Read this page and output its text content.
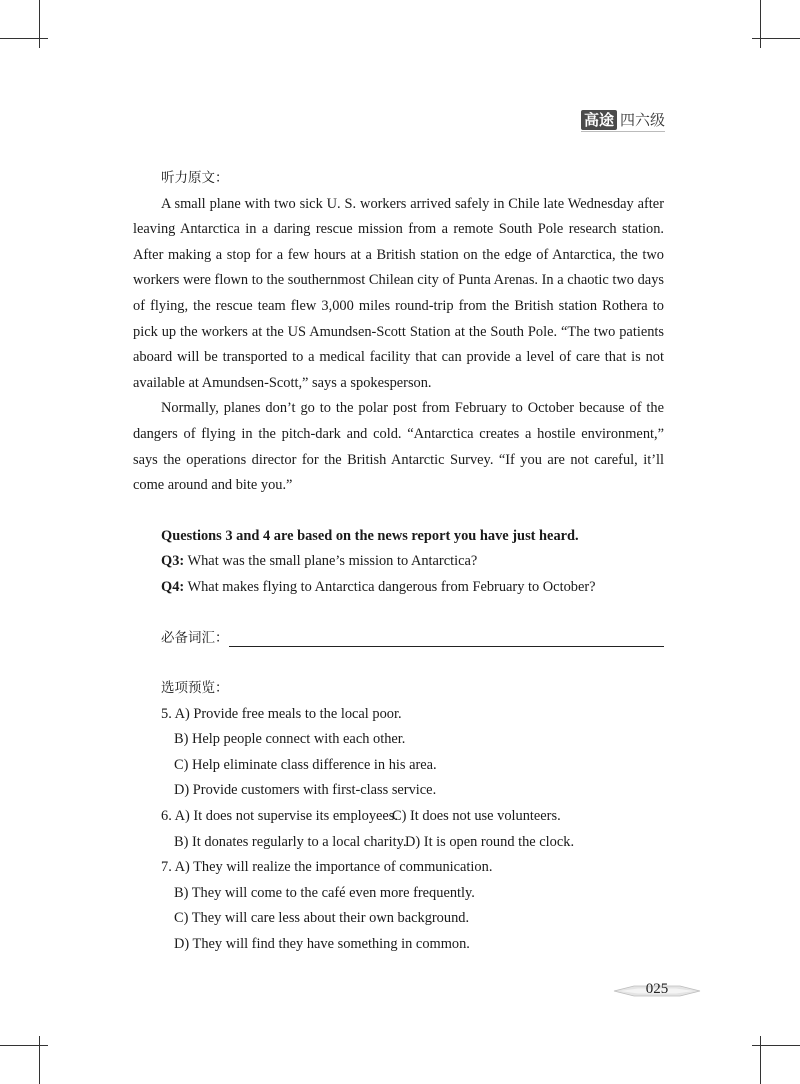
高途 四六级

听力原文：

A small plane with two sick U. S. workers arrived safely in Chile late Wednesday after leaving Antarctica in a daring rescue mission from a remote South Pole research station. After making a stop for a few hours at a British station on the edge of Antarctica, the two workers were flown to the southernmost Chilean city of Punta Arenas. In a chaotic two days of flying, the rescue team flew 3,000 miles round-trip from the British station Rothera to pick up the workers at the US Amundsen-Scott Station at the South Pole. “The two patients aboard will be transported to a medical facility that can provide a level of care that is not available at Amundsen-Scott,” says a spokesperson.

Normally, planes don’t go to the polar post from February to October because of the dangers of flying in the pitch-dark and cold. “Antarctica creates a hostile environment,” says the operations director for the British Antarctic Survey. “If you are not careful, it’ll come around and bite you.”

Questions 3 and 4 are based on the news report you have just heard.

Q3: What was the small plane’s mission to Antarctica?

Q4: What makes flying to Antarctica dangerous from February to October?

必备词汇：

选项预览：

5. A) Provide free meals to the local poor.

B) Help people connect with each other.

C) Help eliminate class difference in his area.

D) Provide customers with first-class service.

6. A) It does not supervise its employees.C) It does not use volunteers.

B) It donates regularly to a local charity.D) It is open round the clock.

7. A) They will realize the importance of communication.

B) They will come to the café even more frequently.

C) They will care less about their own background.

D) They will find they have something in common.

025
